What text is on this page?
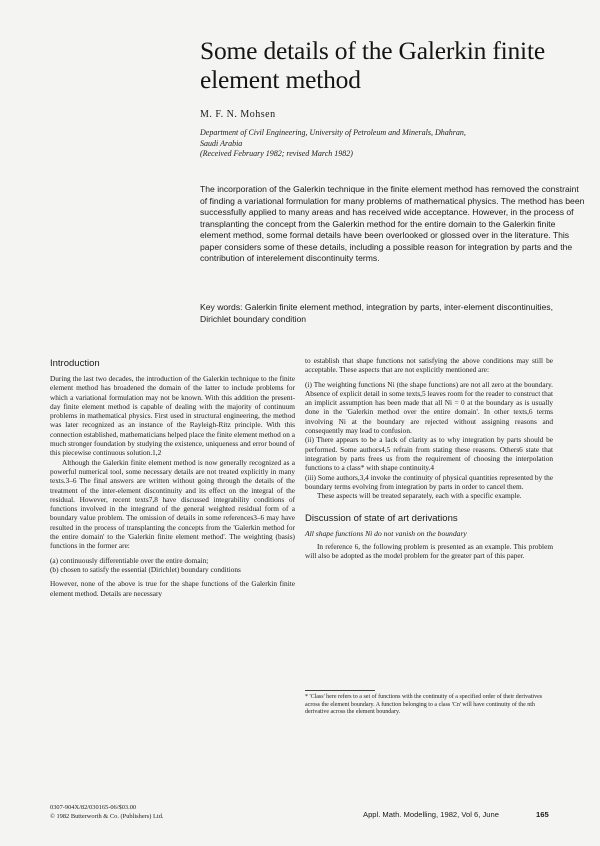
Some details of the Galerkin finite element method
M. F. N. Mohsen
Department of Civil Engineering, University of Petroleum and Minerals, Dhahran,
Saudi Arabia
(Received February 1982; revised March 1982)
The incorporation of the Galerkin technique in the finite element method has removed the constraint of finding a variational formulation for many problems of mathematical physics. The method has been successfully applied to many areas and has received wide acceptance. However, in the process of transplanting the concept from the Galerkin method for the entire domain to the Galerkin finite element method, some formal details have been overlooked or glossed over in the literature. This paper considers some of these details, including a possible reason for integration by parts and the contribution of interelement discontinuity terms.
Key words: Galerkin finite element method, integration by parts, inter-element discontinuities, Dirichlet boundary condition
Introduction

During the last two decades, the introduction of the Galerkin technique to the finite element method has broadened the domain of the latter to include problems for which a variational formulation may not be known. With this addition the present-day finite element method is capable of dealing with the majority of continuum problems in mathematical physics. First used in structural engineering, the method was later recognized as an instance of the Rayleigh-Ritz principle. With this connection established, mathematicians helped place the finite element method on a much stronger foundation by studying the existence, uniqueness and error bound of this piecewise continuous solution.1,2

Although the Galerkin finite element method is now generally recognized as a powerful numerical tool, some necessary details are not treated explicitly in many texts.3–6 The final answers are written without going through the details of the treatment of the inter-element discontinuity and its effect on the integral of the residual. However, recent texts7,8 have discussed integrability conditions of functions involved in the integrand of the general weighted residual form of a boundary value problem. The omission of details in some references3–6 may have resulted in the process of transplanting the concepts from the 'Galerkin method for the entire domain' to the 'Galerkin finite element method'. The weighting (basis) functions in the former are:

(a) continuously differentiable over the entire domain;

(b) chosen to satisfy the essential (Dirichlet) boundary conditions

However, none of the above is true for the shape functions of the Galerkin finite element method. Details are necessary

to establish that shape functions not satisfying the above conditions may still be acceptable. These aspects that are not explicitly mentioned are:

(i) The weighting functions Ni (the shape functions) are not all zero at the boundary. Absence of explicit detail in some texts,5 leaves room for the reader to construct that an implicit assumption has been made that all Ni = 0 at the boundary as is usually done in the 'Galerkin method over the entire domain'. In other texts,6 terms involving Ni at the boundary are rejected without assigning reasons and consequently may lead to confusion.

(ii) There appears to be a lack of clarity as to why integration by parts should be performed. Some authors4,5 refrain from stating these reasons. Others6 state that integration by parts frees us from the requirement of choosing the interpolation functions to a class* with shape continuity.4

(iii) Some authors,3,4 invoke the continuity of physical quantities represented by the boundary terms evolving from integration by parts in order to cancel them.

These aspects will be treated separately, each with a specific example.

Discussion of state of art derivations
All shape functions Ni do not vanish on the boundary

In reference 6, the following problem is presented as an example. This problem will also be adopted as the model problem for the greater part of this paper.

* 'Class' here refers to a set of functions with the continuity of a specified order of their derivatives across the element boundary. A function belonging to a class 'Cn' will have continuity of the nth derivative across the element boundary.
0307-904X/82/030165-06/$03.00
© 1982 Butterworth & Co. (Publishers) Ltd.	Appl. Math. Modelling, 1982, Vol 6, June	165
